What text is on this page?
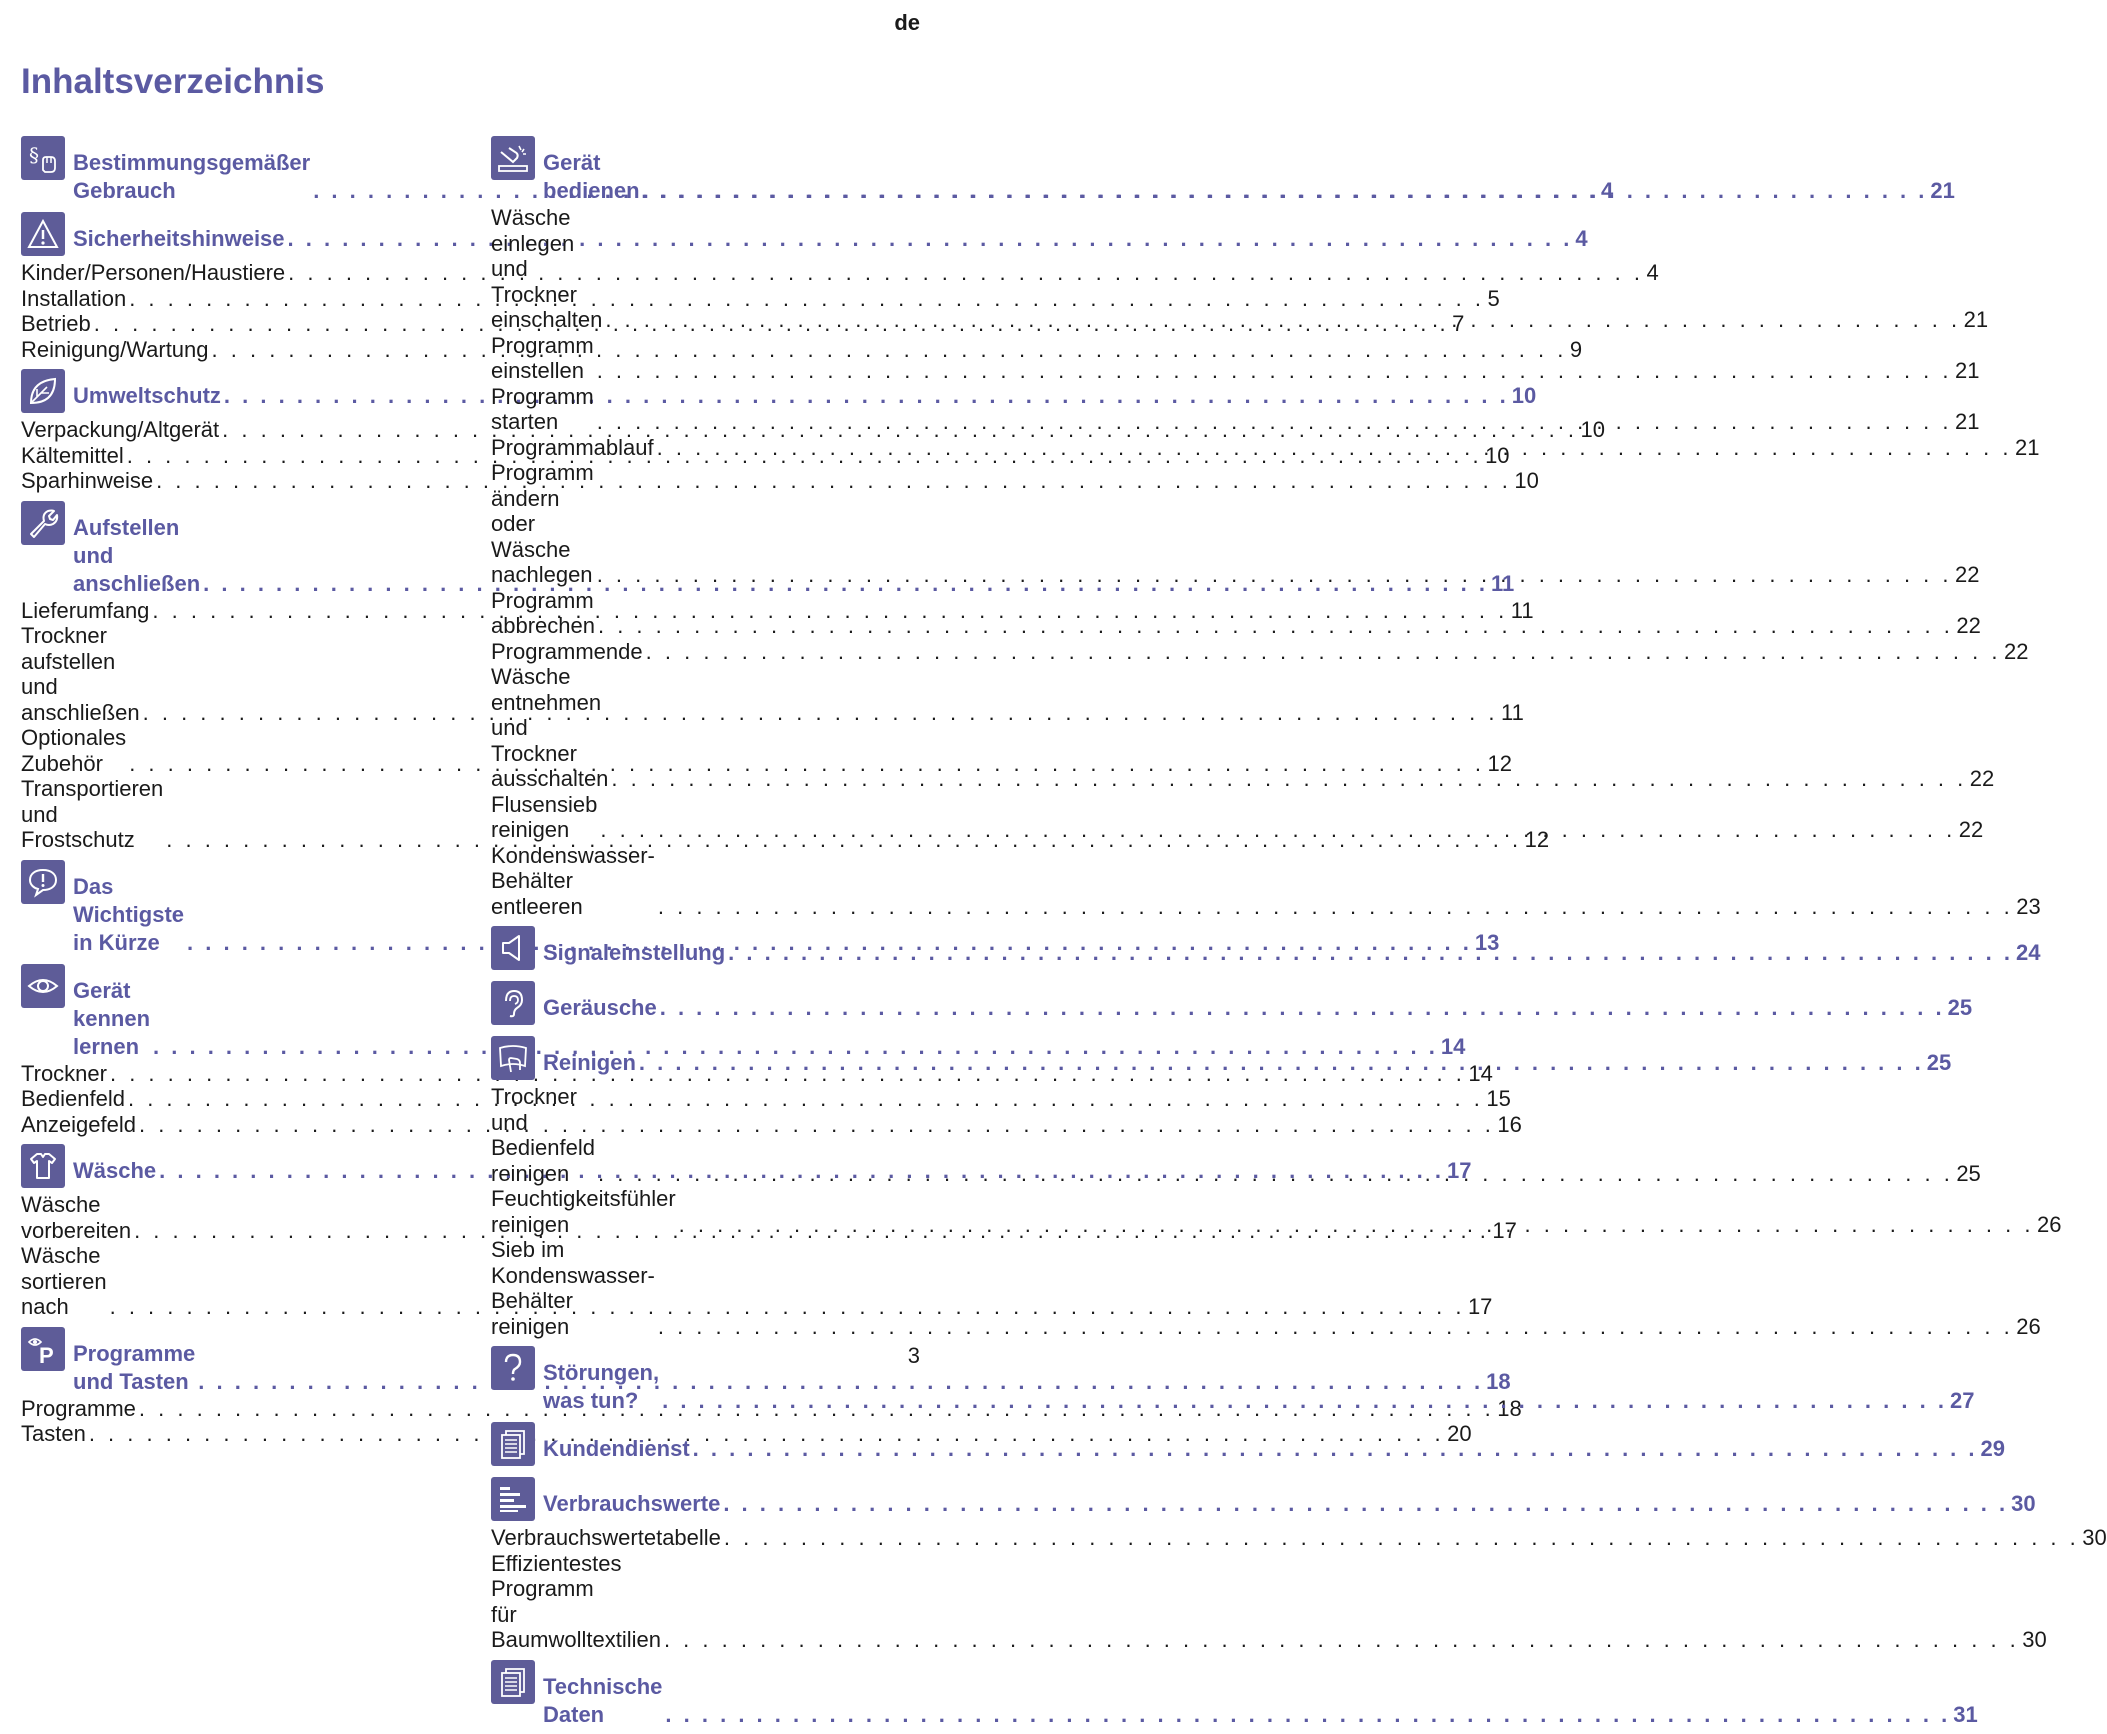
de
Inhaltsverzeichnis
§ Bestimmungsgemäßer
Gebrauch . . .	4
Sicherheitshinweise . . .	4
Kinder/Personen/Haustiere . . .	4
Installation . . .	5
Betrieb . . .	7
Reinigung/Wartung . . .	9
Umweltschutz . . .	10
Verpackung/Altgerät . . .	10
Kältemittel . . .	10
Sparhinweise . . .	10
Aufstellen und anschließen . . .	11
Lieferumfang . . .	11
Trockner aufstellen
und anschließen . . .	11
Optionales Zubehör . . .	12
Transportieren und Frostschutz . . .	12
Das Wichtigste in Kürze . . .	13
Gerät kennen lernen . . .	14
Trockner . . .	14
Bedienfeld . . .	15
Anzeigefeld . . .	16
Wäsche . . .	17
Wäsche vorbereiten . . .	17
Wäsche sortieren nach . . .	17
P Programme und Tasten . . .	18
Programme . . .	18
Tasten . . .	20
Gerät bedienen . . .	21
Wäsche einlegen und Trockner
einschalten . . .	21
Programm einstellen . . .	21
Programm starten . . .	21
Programmablauf . . .	21
Programm ändern oder Wäsche
nachlegen . . .	22
Programm abbrechen . . .	22
Programmende . . .	22
Wäsche entnehmen und Trockner
ausschalten . . .	22
Flusensieb reinigen . . .	22
Kondenswasser-Behälter
entleeren . . .	23
Signaleinstellung . . .	24
Geräusche . . .	25
Reinigen . . .	25
Trockner und Bedienfeld reinigen . . .	25
Feuchtigkeitsfühler reinigen . . .	26
Sieb im Kondenswasser-Behälter
reinigen . . .	26
Störungen, was tun? . . .	27
Kundendienst . . .	29
Verbrauchswerte . . .	30
Verbrauchswertetabelle . . .	30
Effizientestes Programm
für Baumwolltextilien . . .	30
Technische Daten . . .	31
3
